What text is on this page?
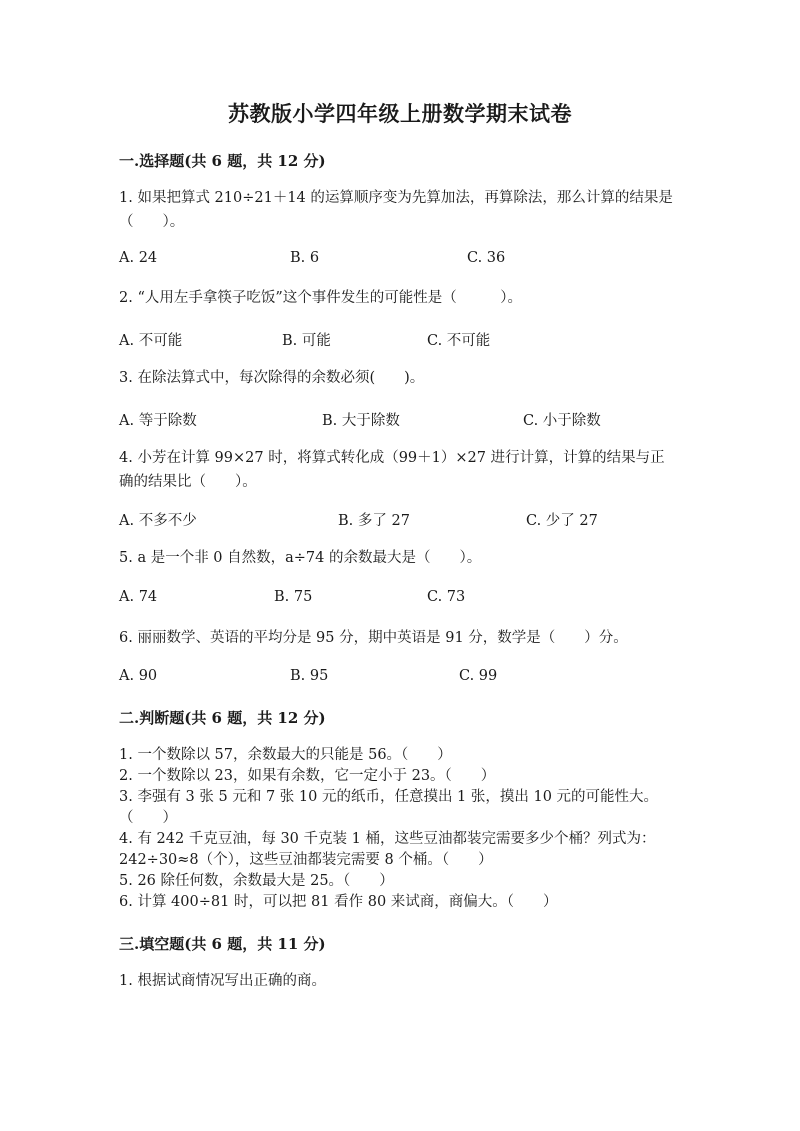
苏教版小学四年级上册数学期末试卷
一.选择题(共 6 题，共 12 分)
1. 如果把算式 210÷21＋14 的运算顺序变为先算加法，再算除法，那么计算的结果是（　　）。
A. 24	B. 6	C. 36
2. “人用左手拿筷子吃饭”这个事件发生的可能性是（　　　）。
A. 不可能	B. 可能	C. 不可能
3. 在除法算式中，每次除得的余数必须(　　)。
A. 等于除数	B. 大于除数	C. 小于除数
4. 小芳在计算 99×27 时，将算式转化成（99＋1）×27 进行计算，计算的结果与正确的结果比（　　）。
A. 不多不少	B. 多了 27	C. 少了 27
5. a 是一个非 0 自然数，a÷74 的余数最大是（　　）。
A. 74	B. 75	C. 73
6. 丽丽数学、英语的平均分是 95 分，期中英语是 91 分，数学是（　　）分。
A. 90	B. 95	C. 99
二.判断题(共 6 题，共 12 分)
1. 一个数除以 57，余数最大的只能是 56。（　　）
2. 一个数除以 23，如果有余数，它一定小于 23。（　　）
3. 李强有 3 张 5 元和 7 张 10 元的纸币，任意摸出 1 张，摸出 10 元的可能性大。（　　）
4. 有 242 千克豆油，每 30 千克装 1 桶，这些豆油都装完需要多少个桶？列式为：242÷30≈8（个），这些豆油都装完需要 8 个桶。（　　）
5. 26 除任何数，余数最大是 25。（　　）
6. 计算 400÷81 时，可以把 81 看作 80 来试商，商偏大。（　　）
三.填空题(共 6 题，共 11 分)
1. 根据试商情况写出正确的商。
